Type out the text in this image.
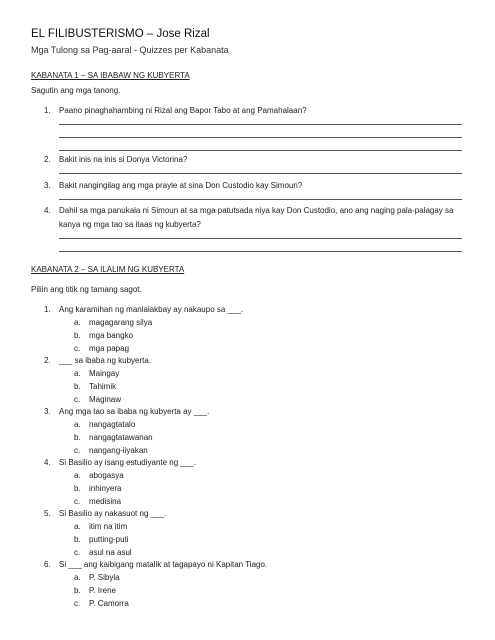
EL FILIBUSTERISMO – Jose Rizal
Mga Tulong sa Pag-aaral - Quizzes per Kabanata
KABANATA 1 – SA IBABAW NG KUBYERTA
Sagutin ang mga tanong.
1. Paano pinaghahambing ni Rizal ang Bapor Tabo at ang Pamahalaan?
2. Bakit inis na inis si Donya Victorina?
3. Bakit nangingilag ang mga prayle at sina Don Custodio kay Simoun?
4. Dahil sa mga panukala ni Simoun at sa mga patutsada niya kay Don Custodio, ano ang naging pala-palagay sa
kanya ng mga tao sa itaas ng kubyerta?
KABANATA 2 – SA ILALIM NG KUBYERTA
Piliin ang titik ng tamang sagot.
1. Ang karamihan ng manlalakbay ay nakaupo sa ___.
a. magagarang silya
b. mga bangko
c. mga papag
2. ___ sa ibaba ng kubyerta.
a. Maingay
b. Tahimik
c. Maginaw
3. Ang mga tao sa ibaba ng kubyerta ay ___.
a. nangagtatalo
b. nangagtatawanan
c. nangang-iiyakan
4. Si Basilio ay isang estudiyante ng ___.
a. abogasya
b. inhinyera
c. medisina
5. Si Basilio ay nakasuot ng ___.
a. itim na itim
b. putting-puti
c. asul na asul
6. Si ___ ang kaibigang matalik at tagapayo ni Kapitan Tiago.
a. P. Sibyla
b. P. Irene
c. P. Camorra
